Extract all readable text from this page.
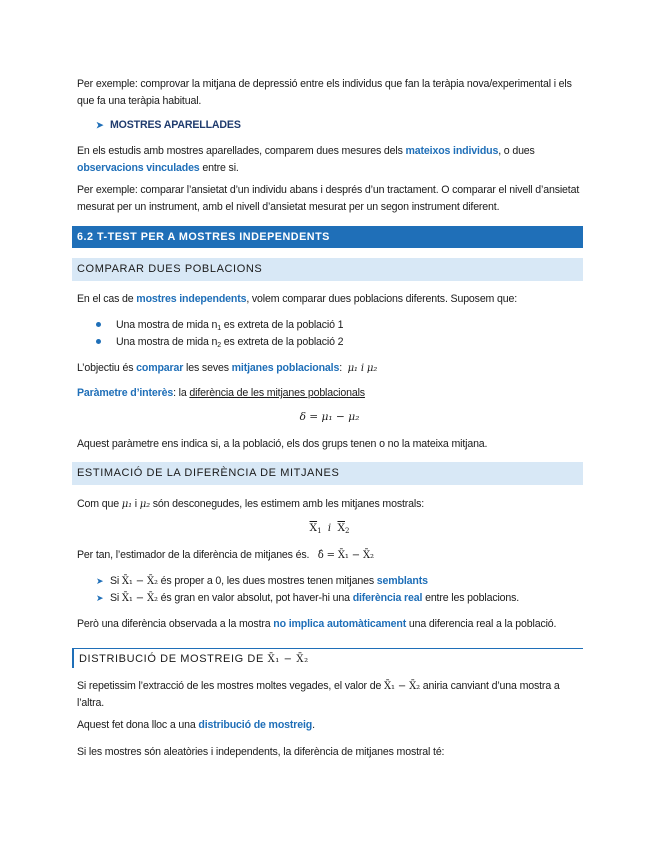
Per exemple: comprovar la mitjana de depressió entre els individus que fan la teràpia nova/experimental i els que fa una teràpia habitual.

➤ MOSTRES APARELLADES

En els estudis amb mostres aparellades, comparem dues mesures dels mateixos individus, o dues observacions vinculades entre si.

Per exemple: comparar l’ansietat d’un individu abans i després d’un tractament. O comparar el nivell d’ansietat mesurat per un instrument, amb el nivell d’ansietat mesurat per un segon instrument diferent.

6.2 T-TEST PER A MOSTRES INDEPENDENTS
COMPARAR DUES POBLACIONS

En el cas de mostres independents, volem comparar dues poblacions diferents. Suposem que:

Una mostra de mida $n_1$ es extreta de la població 1

Una mostra de mida $n_2$ es extreta de la població 2

L’objectiu és comparar les seves mitjanes poblacionals: μ₁ i μ₂

Paràmetre d’interès: la diferència de les mitjanes poblacionals

δ = μ₁ − μ₂

Aquest paràmetre ens indica si, a la població, els dos grups tenen o no la mateixa mitjana.

ESTIMACIÓ DE LA DIFERÈNCIA DE MITJANES

Com que μ₁ i μ₂ són desconegudes, les estimem amb les mitjanes mostrals:

$\overline{X}_1$  i  $\overline{X}_2$

Per tan, l’estimador de la diferència de mitjanes és. δ̂ = X̄₁ − X̄₂

➤ Si X̄₁ − X̄₂ és proper a 0, les dues mostres tenen mitjanes semblants

➤ Si X̄₁ − X̄₂ és gran en valor absolut, pot haver-hi una diferència real entre les poblacions.

Però una diferència observada a la mostra no implica automàticament una diferencia real a la població.

DISTRIBUCIÓ DE MOSTREIG DE X̄₁ − X̄₂

Si repetissim l’extracció de les mostres moltes vegades, el valor de X̄₁ − X̄₂ aniria canviant d’una mostra a l’altra.

Aquest fet dona lloc a una distribució de mostreig.

Si les mostres són aleatòries i independents, la diferència de mitjanes mostral té:
